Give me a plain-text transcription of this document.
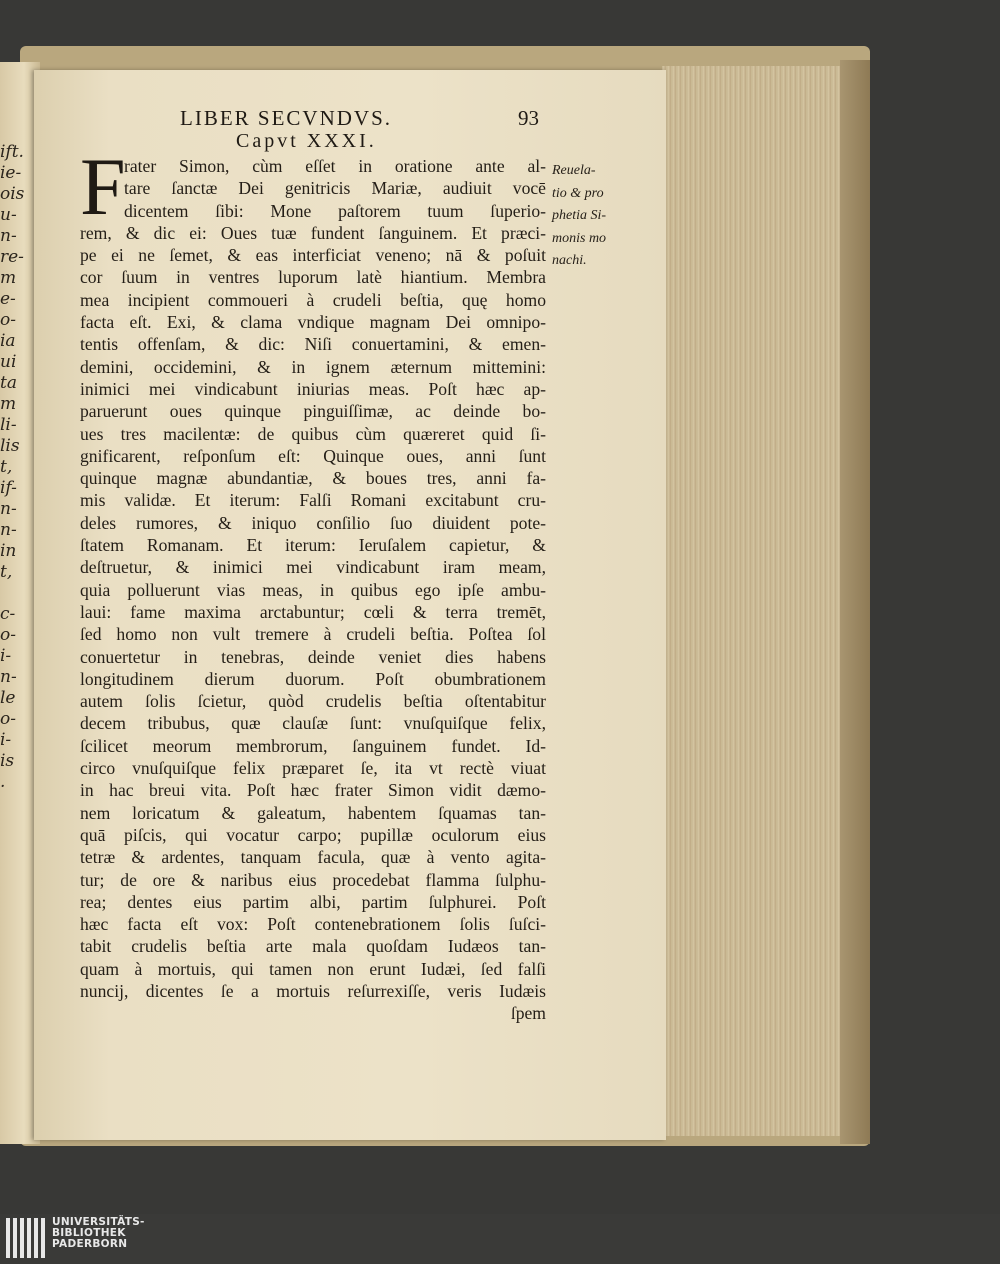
ift.
ie-
ois
u-
n-
re-
m
e-
o-
ia
ui
ta
m
li-
lis
t,
if-
n-
n-
in
t,

c-
o-
i-
n-
le
o-
i-
is
.
LIBER SECVNDVS.	93
Capvt XXXI.
F
rater Simon, cùm eſſet in oratione ante al-
tare ſanctæ Dei genitricis Mariæ, audiuit vocē
dicentem ſibi: Mone paſtorem tuum ſuperio-
rem, & dic ei: Oues tuæ fundent ſanguinem. Et præci-
pe ei ne ſemet, & eas interficiat veneno; nā & poſuit
cor ſuum in ventres luporum latè hiantium. Membra
mea incipient commoueri à crudeli beſtia, quę homo
facta eſt. Exi, & clama vndique magnam Dei omnipo-
tentis offenſam, & dic: Niſi conuertamini, & emen-
demini, occidemini, & in ignem æternum mittemini:
inimici mei vindicabunt iniurias meas. Poſt hæc ap-
paruerunt oues quinque pinguiſſimæ, ac deinde bo-
ues tres macilentæ: de quibus cùm quæreret quid ſi-
gnificarent, reſponſum eſt: Quinque oues, anni ſunt
quinque magnæ abundantiæ, & boues tres, anni fa-
mis validæ. Et iterum: Falſi Romani excitabunt cru-
deles rumores, & iniquo conſilio ſuo diuident pote-
ſtatem Romanam. Et iterum: Ieruſalem capietur, &
deſtruetur, & inimici mei vindicabunt iram meam,
quia polluerunt vias meas, in quibus ego ipſe ambu-
laui: fame maxima arctabuntur; cœli & terra tremēt,
ſed homo non vult tremere à crudeli beſtia. Poſtea ſol
conuertetur in tenebras, deinde veniet dies habens
longitudinem dierum duorum. Poſt obumbrationem
autem ſolis ſcietur, quòd crudelis beſtia oſtentabitur
decem tribubus, quæ clauſæ ſunt: vnuſquiſque felix,
ſcilicet meorum membrorum, ſanguinem fundet. Id-
circo vnuſquiſque felix præparet ſe, ita vt rectè viuat
in hac breui vita. Poſt hæc frater Simon vidit dæmo-
nem loricatum & galeatum, habentem ſquamas tan-
quā piſcis, qui vocatur carpo; pupillæ oculorum eius
tetræ & ardentes, tanquam facula, quæ à vento agita-
tur; de ore & naribus eius procedebat flamma ſulphu-
rea; dentes eius partim albi, partim ſulphurei. Poſt
hæc facta eſt vox: Poſt contenebrationem ſolis ſuſci-
tabit crudelis beſtia arte mala quoſdam Iudæos tan-
quam à mortuis, qui tamen non erunt Iudæi, ſed falſi
nuncij, dicentes ſe a mortuis reſurrexiſſe, veris Iudæis
ſpem
Reuela-
tio & pro
phetia Si-
monis mo
nachi.
UNIVERSITÄTS-
BIBLIOTHEK
PADERBORN
